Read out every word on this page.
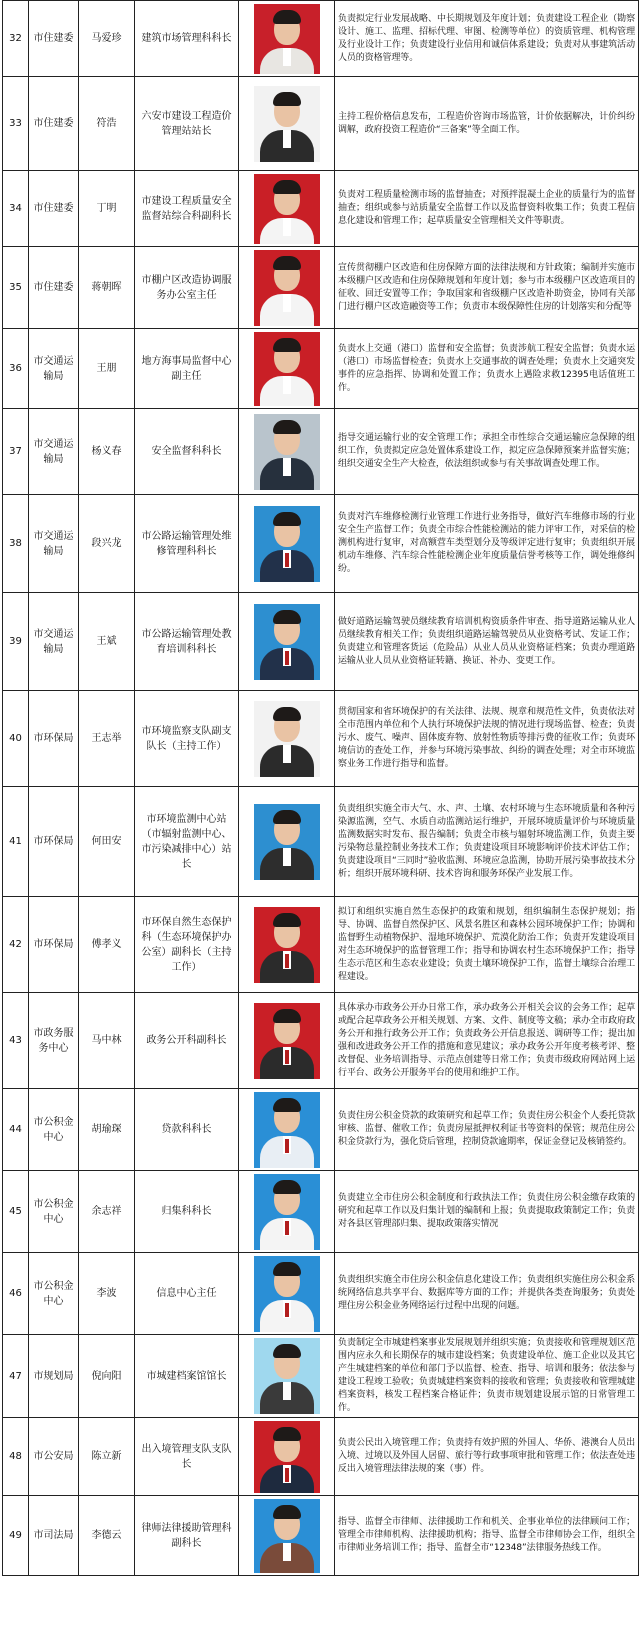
32	市住建委	马爱珍	建筑市场管理科科长		负责拟定行业发展战略、中长期规划及年度计划；负责建设工程企业（勘察设计、施工、监理、招标代理、审图、检测等单位）的资质管理、机构管理及行业设计工作；负责建设行业信用和诚信体系建设；负责对从事建筑活动人员的资格管理等。
33	市住建委	符浩	六安市建设工程造价管理站站长		主持工程价格信息发布，工程造价咨询市场监管，计价依据解决，计价纠纷调解，政府投资工程造价“三备案”等全面工作。
34	市住建委	丁明	市建设工程质量安全监督站综合科副科长		负责对工程质量检测市场的监督抽查；对预拌混凝土企业的质量行为的监督抽查；组织或参与站质量安全监督工作以及监督资料收集工作；负责工程信息化建设和管理工作；起草质量安全管理相关文件等职责。
35	市住建委	蒋朝晖	市棚户区改造协调服务办公室主任		宣传贯彻棚户区改造和住房保障方面的法律法规和方针政策；编制并实施市本级棚户区改造和住房保障规划和年度计划；参与市本级棚户区改造项目的征收、回迁安置等工作；争取国家和省级棚户区改造补助资金，协同有关部门进行棚户区改造融资等工作；负责市本级保障性住房的计划落实和分配等
36	市交通运输局	王朋	地方海事局监督中心副主任		负责水上交通（港口）监督和安全监督；负责涉航工程安全监督；负责水运（港口）市场监督检查；负责水上交通事故的调查处理；负责水上交通突发事件的应急指挥、协调和处置工作；负责水上遇险求救12395电话值班工作。
37	市交通运输局	杨义春	安全监督科科长		指导交通运输行业的安全管理工作；承担全市性综合交通运输应急保障的组织工作，负责拟定应急处置体系建设工作，拟定应急保障预案并监督实施；组织交通安全生产大检查，依法组织或参与有关事故调查处理工作。
38	市交通运输局	段兴龙	市公路运输管理处维修管理科科长		负责对汽车维修检测行业管理工作进行业务指导，做好汽车维修市场的行业安全生产监督工作；负责全市综合性能检测站的能力评审工作，对采信的检测机构进行复审，对高额营车类型划分及等级评定进行复审；负责组织开展机动车维修、汽车综合性能检测企业年度质量信誉考核等工作，调处维修纠纷。
39	市交通运输局	王斌	市公路运输管理处教育培训科科长		做好道路运输驾驶员继续教育培训机构资质条件审查、指导道路运输从业人员继续教育相关工作；负责组织道路运输驾驶员从业资格考试、发证工作；负责建立和管理客货运（危险品）从业人员从业资格证档案；负责办理道路运输从业人员从业资格证转籍、换证、补办、变更工作。
40	市环保局	王志举	市环境监察支队副支队长（主持工作）		贯彻国家和省环境保护的有关法律、法规、规章和规范性文件，负责依法对全市范围内单位和个人执行环境保护法规的情况进行现场监督、检查；负责污水、废气、噪声、固体废弃物、放射性物质等排污费的征收工作；负责环境信访的查处工作，并参与环境污染事故、纠纷的调查处理；对全市环境监察业务工作进行指导和监督。
41	市环保局	何田安	市环境监测中心站（市辐射监测中心、市污染减排中心）站长		负责组织实施全市大气、水、声、土壤、农村环境与生态环境质量和各种污染源监测，空气、水质自动监测站运行维护，开展环境质量评价与环境质量监测数据实时发布、报告编制；负责全市核与辐射环境监测工作，负责主要污染物总量控制业务技术工作；负责建设项目环境影响评价技术评估工作；负责建设项目“三同时”验收监测、环境应急监测，协助开展污染事故技术分析；组织开展环境科研、技术咨询和服务环保产业发展工作。
42	市环保局	傅孝义	市环保自然生态保护科（生态环境保护办公室）副科长（主持工作）		拟订和组织实施自然生态保护的政策和规划，组织编制生态保护规划；指导、协调、监督自然保护区、风景名胜区和森林公园环境保护工作；协调和监督野生动植物保护、湿地环境保护、荒漠化防治工作；负责开发建设项目对生态环境保护的监督管理工作；指导和协调农村生态环境保护工作；指导生态示范区和生态农业建设；负责土壤环境保护工作，监督土壤综合治理工程建设。
43	市政务服务中心	马中林	政务公开科副科长		具体承办市政务公开办日常工作，承办政务公开相关会议的会务工作；起草或配合起草政务公开相关规划、方案、文件、制度等文稿；承办全市政府政务公开和推行政务公开工作；负责政务公开信息报送、调研等工作；提出加强和改进政务公开工作的措施和意见建议；承办政务公开年度考核考评、整改督促、业务培训指导、示范点创建等日常工作；负责市级政府网站网上运行平台、政务公开服务平台的使用和维护工作。
44	市公积金中心	胡瑜琛	贷款科科长		负责住房公积金贷款的政策研究和起草工作；负责住房公积金个人委托贷款审核、监督、催收工作；负责房屋抵押权利证书等资料的保管；规范住房公积金贷款行为，强化贷后管理，控制贷款逾期率，保证金登记及核销签约。
45	市公积金中心	余志祥	归集科科长		负责建立全市住房公积金制度和行政执法工作；负责住房公积金缴存政策的研究和起草工作以及归集计划的编制和上报；负责提取政策制定工作；负责对各县区管理部归集、提取政策落实情况
46	市公积金中心	李波	信息中心主任		负责组织实施全市住房公积金信息化建设工作；负责组织实施住房公积金系统网络信息共享平台、数据库等方面的工作；并提供各类查询服务；负责处理住房公积金业务网络运行过程中出现的问题。
47	市规划局	倪向阳	市城建档案馆馆长		负责制定全市城建档案事业发展规划并组织实施；负责接收和管理规划区范围内应永久和长期保存的城市建设档案；负责建设单位、施工企业以及其它产生城建档案的单位和部门予以监督、检查、指导、培训和服务；依法参与建设工程竣工验收；负责城建档案资料的接收和管理；负责接收和管理城建档案资料，核发工程档案合格证件；负责市规划建设展示馆的日常管理工作。
48	市公安局	陈立新	出入境管理支队支队长		负责公民出入境管理工作；负责持有效护照的外国人、华侨、港澳台人员出入境、过境以及外国人居留、旅行等行政事项审批和管理工作；依法查处违反出入境管理法律法规的案（事）件。
49	市司法局	李德云	律师法律援助管理科副科长		指导、监督全市律师、法律援助工作和机关、企事业单位的法律顾问工作；管理全市律师机构、法律援助机构；指导、监督全市律师协会工作，组织全市律师业务培训工作；指导、监督全市“12348”法律服务热线工作。
